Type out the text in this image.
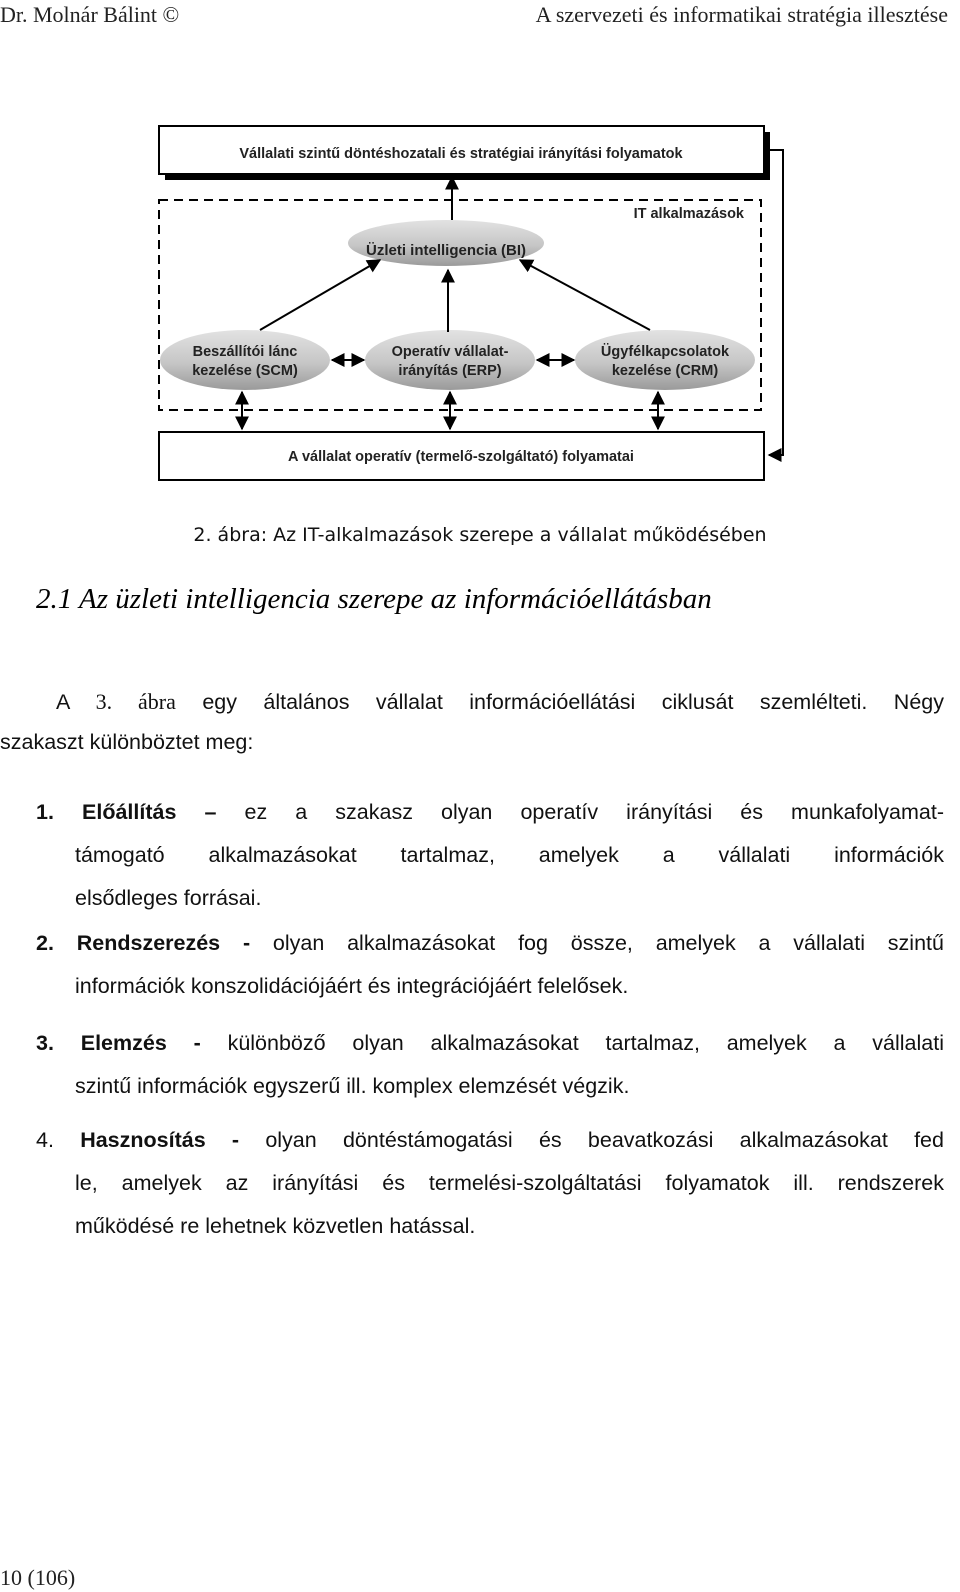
Dr. Molnár Bálint ©	A szervezeti és informatikai stratégia illesztése
Vállalati szintű döntéshozatali és stratégiai irányítási folyamatok
IT alkalmazások
Üzleti intelligencia (BI)
Beszállítói lánc
kezelése (SCM)
Operatív vállalat-
irányítás (ERP)
Ügyfélkapcsolatok
kezelése (CRM)
A vállalat operatív (termelő-szolgáltató) folyamatai
2. ábra: Az IT-alkalmazások szerepe a vállalat működésében
2.1 Az üzleti intelligencia szerepe az információellátásban
A 3. ábra egy általános vállalat információellátási ciklusát szemlélteti. Négy
szakaszt különböztet meg:
1. Előállítás – ez a szakasz olyan operatív irányítási és munkafolyamat-
támogató alkalmazásokat tartalmaz, amelyek a vállalati információk
elsődleges forrásai.
2. Rendszerezés - olyan alkalmazásokat fog össze, amelyek a vállalati szintű
információk konszolidációjáért és integrációjáért felelősek.
3. Elemzés - különböző olyan alkalmazásokat tartalmaz, amelyek a vállalati
szintű információk egyszerű ill. komplex elemzését végzik.
4. Hasznosítás - olyan döntéstámogatási és beavatkozási alkalmazásokat fed
le, amelyek az irányítási és termelési-szolgáltatási folyamatok ill. rendszerek
működésé re lehetnek közvetlen hatással.
10 (106)
